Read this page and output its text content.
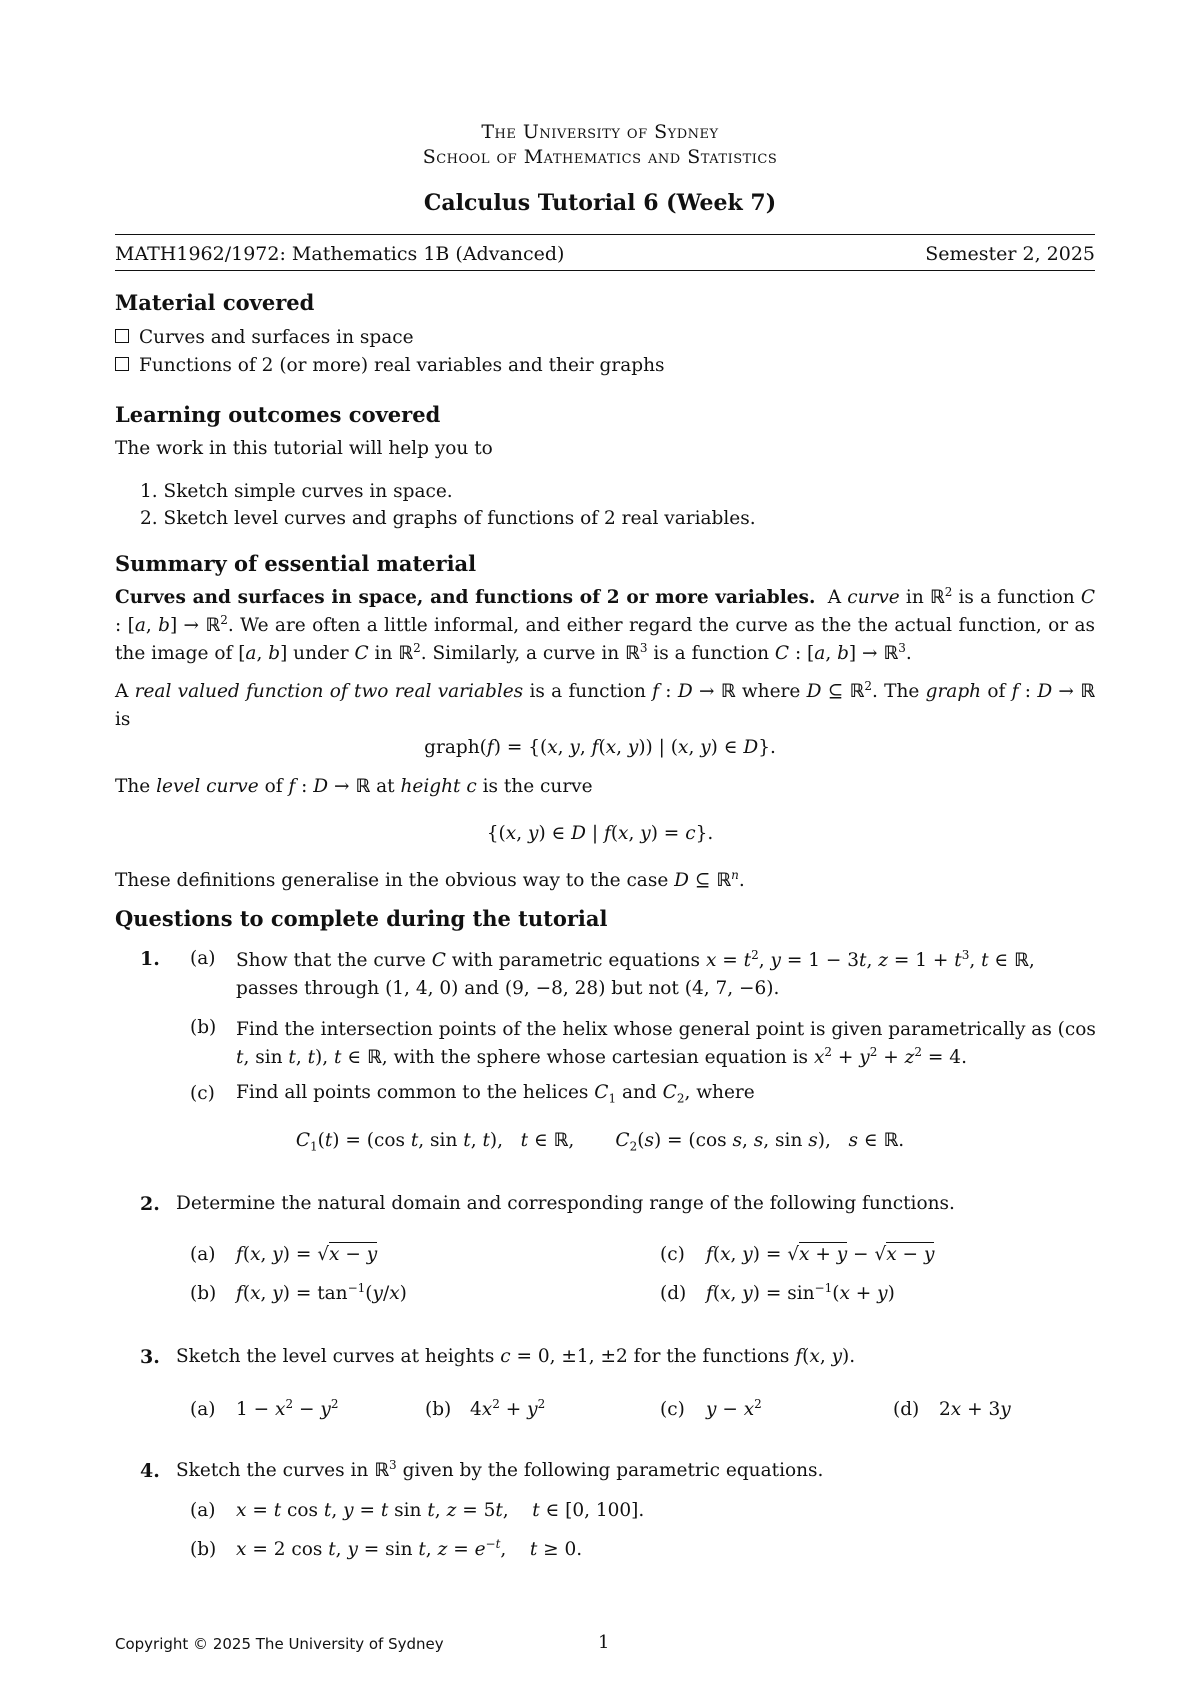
The University of Sydney
School of Mathematics and Statistics
Calculus Tutorial 6 (Week 7)
MATH1962/1972: Mathematics 1B (Advanced)	Semester 2, 2025
Material covered
Curves and surfaces in space
Functions of 2 (or more) real variables and their graphs
Learning outcomes covered
The work in this tutorial will help you to
1. Sketch simple curves in space.
2. Sketch level curves and graphs of functions of 2 real variables.
Summary of essential material
Curves and surfaces in space, and functions of 2 or more variables.  A curve in ℝ$^2$ is a function C : [a, b] → ℝ$^2$. We are often a little informal, and either regard the curve as the the actual function, or as the image of [a, b] under C in ℝ$^2$. Similarly, a curve in ℝ$^3$ is a function C : [a, b] → ℝ$^3$.
A real valued function of two real variables is a function f : D → ℝ where D ⊆ ℝ$^2$. The graph of f : D → ℝ is
graph(f) = {(x, y, f(x, y)) | (x, y) ∈ D}.
The level curve of f : D → ℝ at height c is the curve
{(x, y) ∈ D | f(x, y) = c}.
These definitions generalise in the obvious way to the case D ⊆ ℝ$^n$.
Questions to complete during the tutorial
1. (a) Show that the curve C with parametric equations $x = t^2$, y = 1 − 3t, $z = 1 + t^3$, t ∈ ℝ, passes through (1, 4, 0) and (9, −8, 28) but not (4, 7, −6).
(b) Find the intersection points of the helix whose general point is given parametrically as (cos t, sin t, t), t ∈ ℝ, with the sphere whose cartesian equation is $x^2 + y^2 + z^2 = 4$.
(c) Find all points common to the helices $C_1$ and $C_2$, where
$C_1(t) = (\cos$ t, sin t, t),   t ∈ ℝ,       $C_2(s) = (\cos$ s, s, sin s),   s ∈ ℝ.
2. Determine the natural domain and corresponding range of the following functions.
(a) f(x, y) = √x − y	(c) f(x, y) = √x + y − √x − y
(b) f(x, $y) = \tan^{-1}(y/x)$	(d) f(x, $y) = \sin^{-1}(x + y)$
3. Sketch the level curves at heights c = 0, ±1, ±2 for the functions f(x, y).
(a) $1 - x^2 - y^2$	(b) $4x^2 + y^2$	(c) $y - x^2$	(d) 2x + 3y
4. Sketch the curves in ℝ$^3$ given by the following parametric equations.
(a) x = t cos t, y = t sin t, z = 5t,    t ∈ [0, 100].
(b) x = 2 cos t, y = sin t, $z = e^{-t}$,    t ≥ 0.
Copyright © 2025 The University of Sydney	1
